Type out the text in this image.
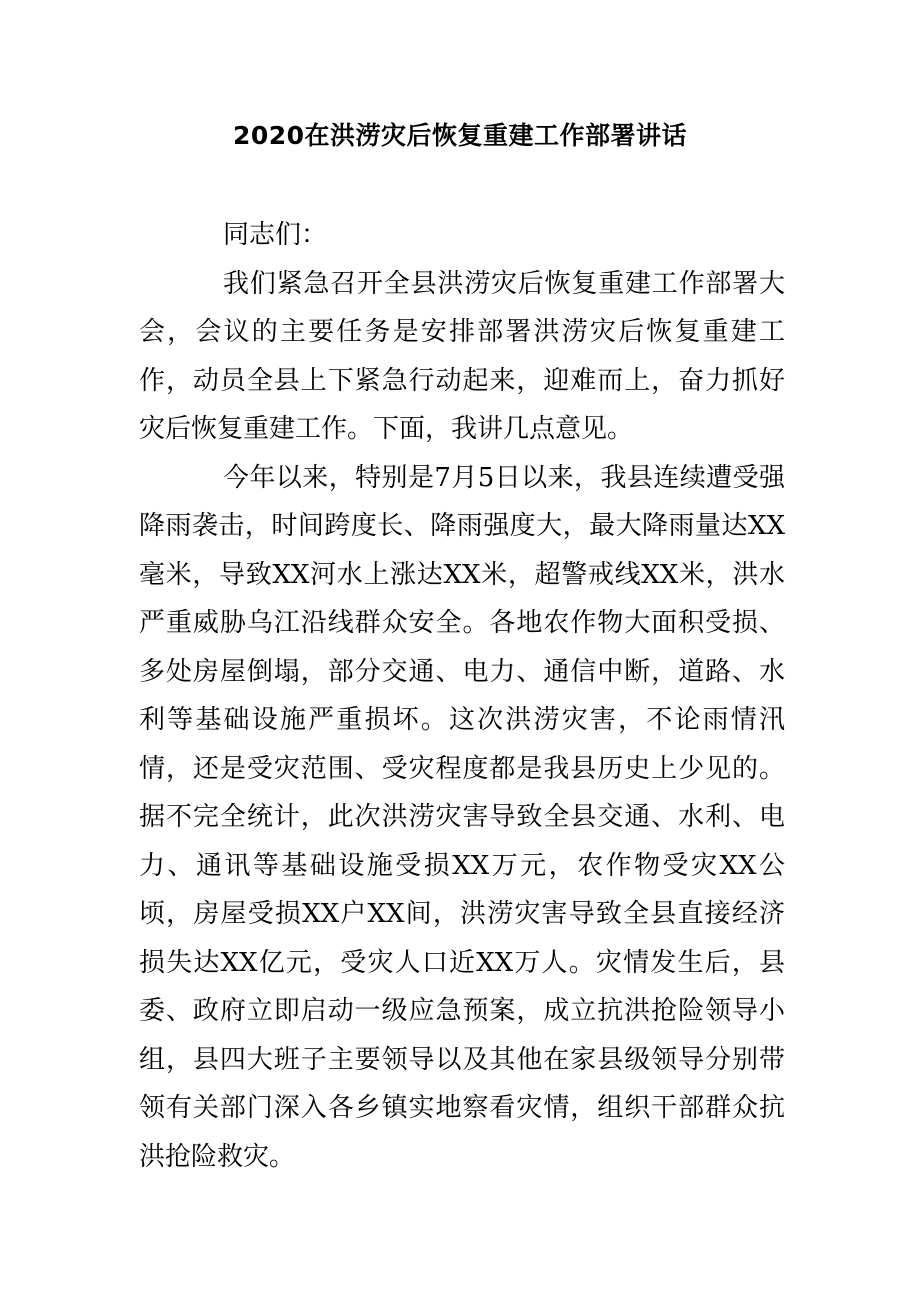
2020在洪涝灾后恢复重建工作部署讲话

同志们：

我们紧急召开全县洪涝灾后恢复重建工作部署大会，会议的主要任务是安排部署洪涝灾后恢复重建工作，动员全县上下紧急行动起来，迎难而上，奋力抓好灾后恢复重建工作。下面，我讲几点意见。

今年以来，特别是7月5日以来，我县连续遭受强降雨袭击，时间跨度长、降雨强度大，最大降雨量达XX毫米，导致XX河水上涨达XX米，超警戒线XX米，洪水严重威胁乌江沿线群众安全。各地农作物大面积受损、多处房屋倒塌，部分交通、电力、通信中断，道路、水利等基础设施严重损坏。这次洪涝灾害，不论雨情汛情，还是受灾范围、受灾程度都是我县历史上少见的。据不完全统计，此次洪涝灾害导致全县交通、水利、电力、通讯等基础设施受损XX万元，农作物受灾XX公顷，房屋受损XX户XX间，洪涝灾害导致全县直接经济损失达XX亿元，受灾人口近XX万人。灾情发生后，县委、政府立即启动一级应急预案，成立抗洪抢险领导小组，县四大班子主要领导以及其他在家县级领导分别带领有关部门深入各乡镇实地察看灾情，组织干部群众抗洪抢险救灾。
